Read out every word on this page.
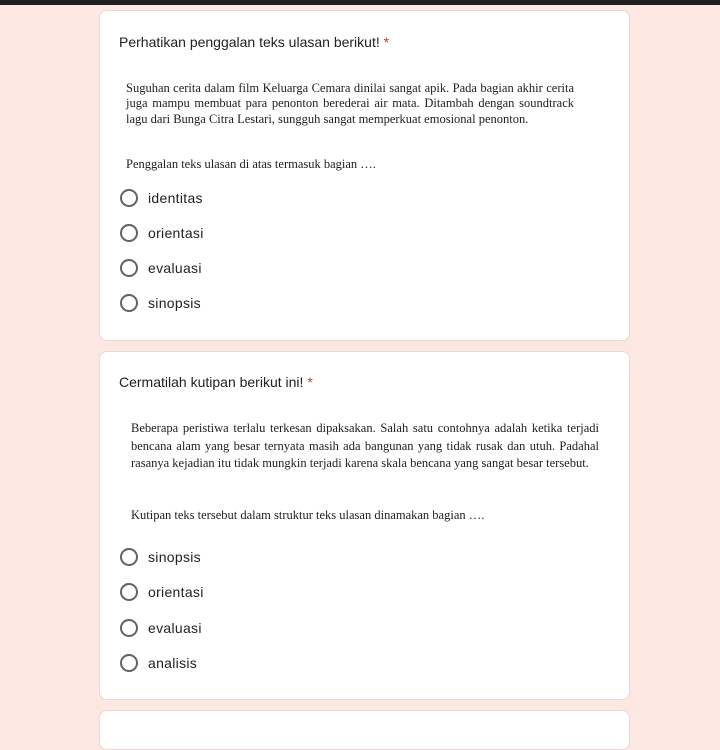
Perhatikan penggalan teks ulasan berikut! *
Suguhan cerita dalam film Keluarga Cemara dinilai sangat apik. Pada bagian akhir cerita juga mampu membuat para penonton berederai air mata. Ditambah dengan soundtrack lagu dari Bunga Citra Lestari, sungguh sangat memperkuat emosional penonton.
Penggalan teks ulasan di atas termasuk bagian ….
identitas
orientasi
evaluasi
sinopsis
Cermatilah kutipan berikut ini! *
Beberapa peristiwa terlalu terkesan dipaksakan. Salah satu contohnya adalah ketika terjadi bencana alam yang besar ternyata masih ada bangunan yang tidak rusak dan utuh. Padahal rasanya kejadian itu tidak mungkin terjadi karena skala bencana yang sangat besar tersebut.
Kutipan teks tersebut dalam struktur teks ulasan dinamakan bagian ….
sinopsis
orientasi
evaluasi
analisis
